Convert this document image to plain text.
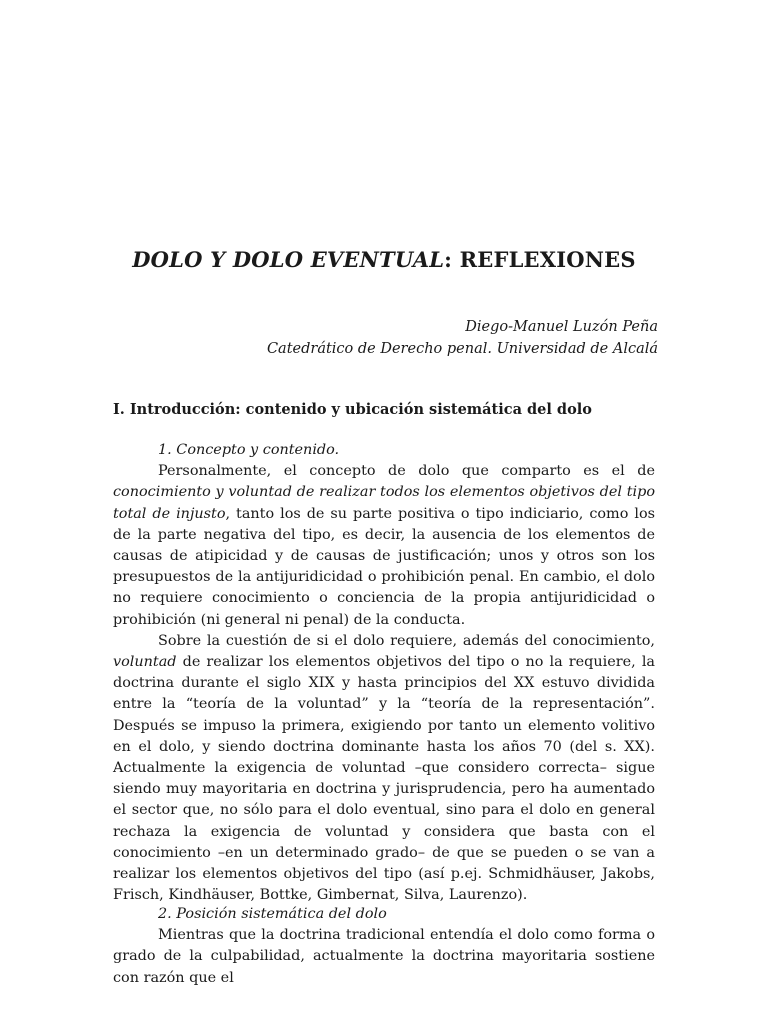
DOLO Y DOLO EVENTUAL: REFLEXIONES
Diego-Manuel Luzón Peña
Catedrático de Derecho penal. Universidad de Alcalá
I. Introducción: contenido y ubicación sistemática del dolo
1. Concepto y contenido.

Personalmente, el concepto de dolo que comparto es el de conocimiento y voluntad de realizar todos los elementos objetivos del tipo total de injusto, tanto los de su parte positiva o tipo indiciario, como los de la parte negativa del tipo, es decir, la ausencia de los elementos de causas de atipicidad y de causas de justificación; unos y otros son los presupuestos de la antijuridicidad o prohibición penal. En cambio, el dolo no requiere conocimiento o conciencia de la propia antijuridicidad o prohibición (ni general ni penal) de la conducta.

Sobre la cuestión de si el dolo requiere, además del conocimiento, voluntad de realizar los elementos objetivos del tipo o no la requiere, la doctrina durante el siglo XIX y hasta principios del XX estuvo dividida entre la “teoría de la voluntad” y la “teoría de la representación”. Después se impuso la primera, exigiendo por tanto un elemento volitivo en el dolo, y siendo doctrina dominante hasta los años 70 (del s. XX). Actualmente la exigencia de voluntad –que considero correcta– sigue siendo muy mayoritaria en doctrina y jurisprudencia, pero ha aumentado el sector que, no sólo para el dolo eventual, sino para el dolo en general rechaza la exigencia de voluntad y considera que basta con el conocimiento –en un determinado grado– de que se pueden o se van a realizar los elementos objetivos del tipo (así p.ej. Schmidhäuser, Jakobs, Frisch, Kindhäuser, Bottke, Gimbernat, Silva, Laurenzo).

2. Posición sistemática del dolo

Mientras que la doctrina tradicional entendía el dolo como forma o grado de la culpabilidad, actualmente la doctrina mayoritaria sostiene con razón que el
